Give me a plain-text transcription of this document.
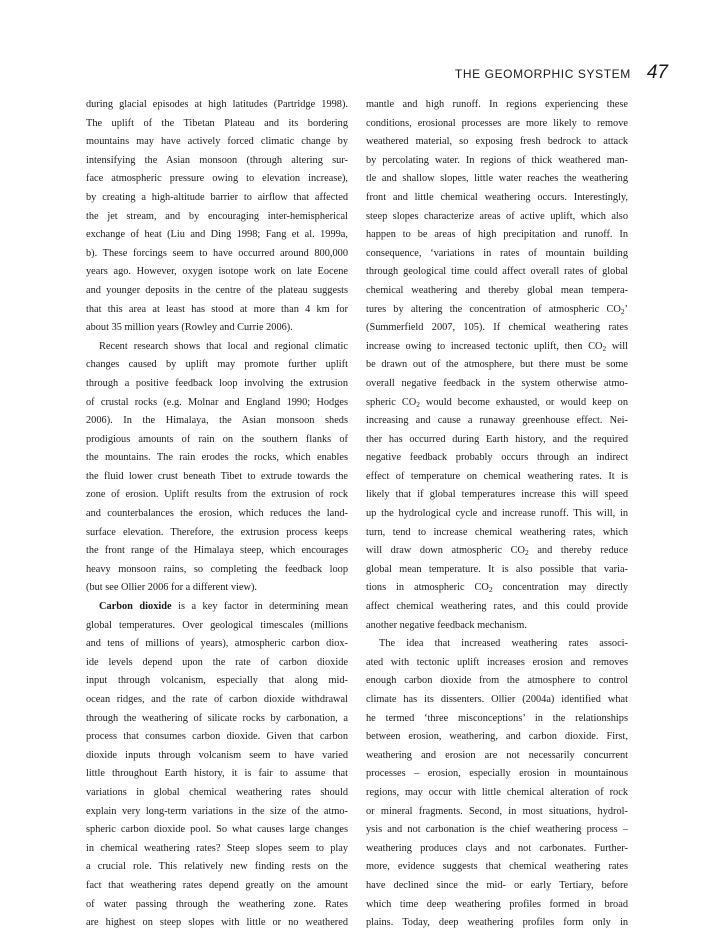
THE GEOMORPHIC SYSTEM 47
during glacial episodes at high latitudes (Partridge 1998).
The uplift of the Tibetan Plateau and its bordering
mountains may have actively forced climatic change by
intensifying the Asian monsoon (through altering sur-
face atmospheric pressure owing to elevation increase),
by creating a high-altitude barrier to airflow that affected
the jet stream, and by encouraging inter-hemispherical
exchange of heat (Liu and Ding 1998; Fang et al. 1999a,
b). These forcings seem to have occurred around 800,000
years ago. However, oxygen isotope work on late Eocene
and younger deposits in the centre of the plateau suggests
that this area at least has stood at more than 4 km for
about 35 million years (Rowley and Currie 2006).
Recent research shows that local and regional climatic
changes caused by uplift may promote further uplift
through a positive feedback loop involving the extrusion
of crustal rocks (e.g. Molnar and England 1990; Hodges
2006). In the Himalaya, the Asian monsoon sheds
prodigious amounts of rain on the southern flanks of
the mountains. The rain erodes the rocks, which enables
the fluid lower crust beneath Tibet to extrude towards the
zone of erosion. Uplift results from the extrusion of rock
and counterbalances the erosion, which reduces the land-
surface elevation. Therefore, the extrusion process keeps
the front range of the Himalaya steep, which encourages
heavy monsoon rains, so completing the feedback loop
(but see Ollier 2006 for a different view).
Carbon dioxide is a key factor in determining mean
global temperatures. Over geological timescales (millions
and tens of millions of years), atmospheric carbon diox-
ide levels depend upon the rate of carbon dioxide
input through volcanism, especially that along mid-
ocean ridges, and the rate of carbon dioxide withdrawal
through the weathering of silicate rocks by carbonation, a
process that consumes carbon dioxide. Given that carbon
dioxide inputs through volcanism seem to have varied
little throughout Earth history, it is fair to assume that
variations in global chemical weathering rates should
explain very long-term variations in the size of the atmo-
spheric carbon dioxide pool. So what causes large changes
in chemical weathering rates? Steep slopes seem to play
a crucial role. This relatively new finding rests on the
fact that weathering rates depend greatly on the amount
of water passing through the weathering zone. Rates
are highest on steep slopes with little or no weathered
mantle and high runoff. In regions experiencing these
conditions, erosional processes are more likely to remove
weathered material, so exposing fresh bedrock to attack
by percolating water. In regions of thick weathered man-
tle and shallow slopes, little water reaches the weathering
front and little chemical weathering occurs. Interestingly,
steep slopes characterize areas of active uplift, which also
happen to be areas of high precipitation and runoff. In
consequence, ‘variations in rates of mountain building
through geological time could affect overall rates of global
chemical weathering and thereby global mean tempera-
tures by altering the concentration of atmospheric $CO_2$’
(Summerfield 2007, 105). If chemical weathering rates
increase owing to increased tectonic uplift, then $CO_2$ will
be drawn out of the atmosphere, but there must be some
overall negative feedback in the system otherwise atmo-
spheric $CO_2$ would become exhausted, or would keep on
increasing and cause a runaway greenhouse effect. Nei-
ther has occurred during Earth history, and the required
negative feedback probably occurs through an indirect
effect of temperature on chemical weathering rates. It is
likely that if global temperatures increase this will speed
up the hydrological cycle and increase runoff. This will, in
turn, tend to increase chemical weathering rates, which
will draw down atmospheric $CO_2$ and thereby reduce
global mean temperature. It is also possible that varia-
tions in atmospheric $CO_2$ concentration may directly
affect chemical weathering rates, and this could provide
another negative feedback mechanism.
The idea that increased weathering rates associ-
ated with tectonic uplift increases erosion and removes
enough carbon dioxide from the atmosphere to control
climate has its dissenters. Ollier (2004a) identified what
he termed ‘three misconceptions’ in the relationships
between erosion, weathering, and carbon dioxide. First,
weathering and erosion are not necessarily concurrent
processes – erosion, especially erosion in mountainous
regions, may occur with little chemical alteration of rock
or mineral fragments. Second, in most situations, hydrol-
ysis and not carbonation is the chief weathering process –
weathering produces clays and not carbonates. Further-
more, evidence suggests that chemical weathering rates
have declined since the mid- or early Tertiary, before
which time deep weathering profiles formed in broad
plains. Today, deep weathering profiles form only in
